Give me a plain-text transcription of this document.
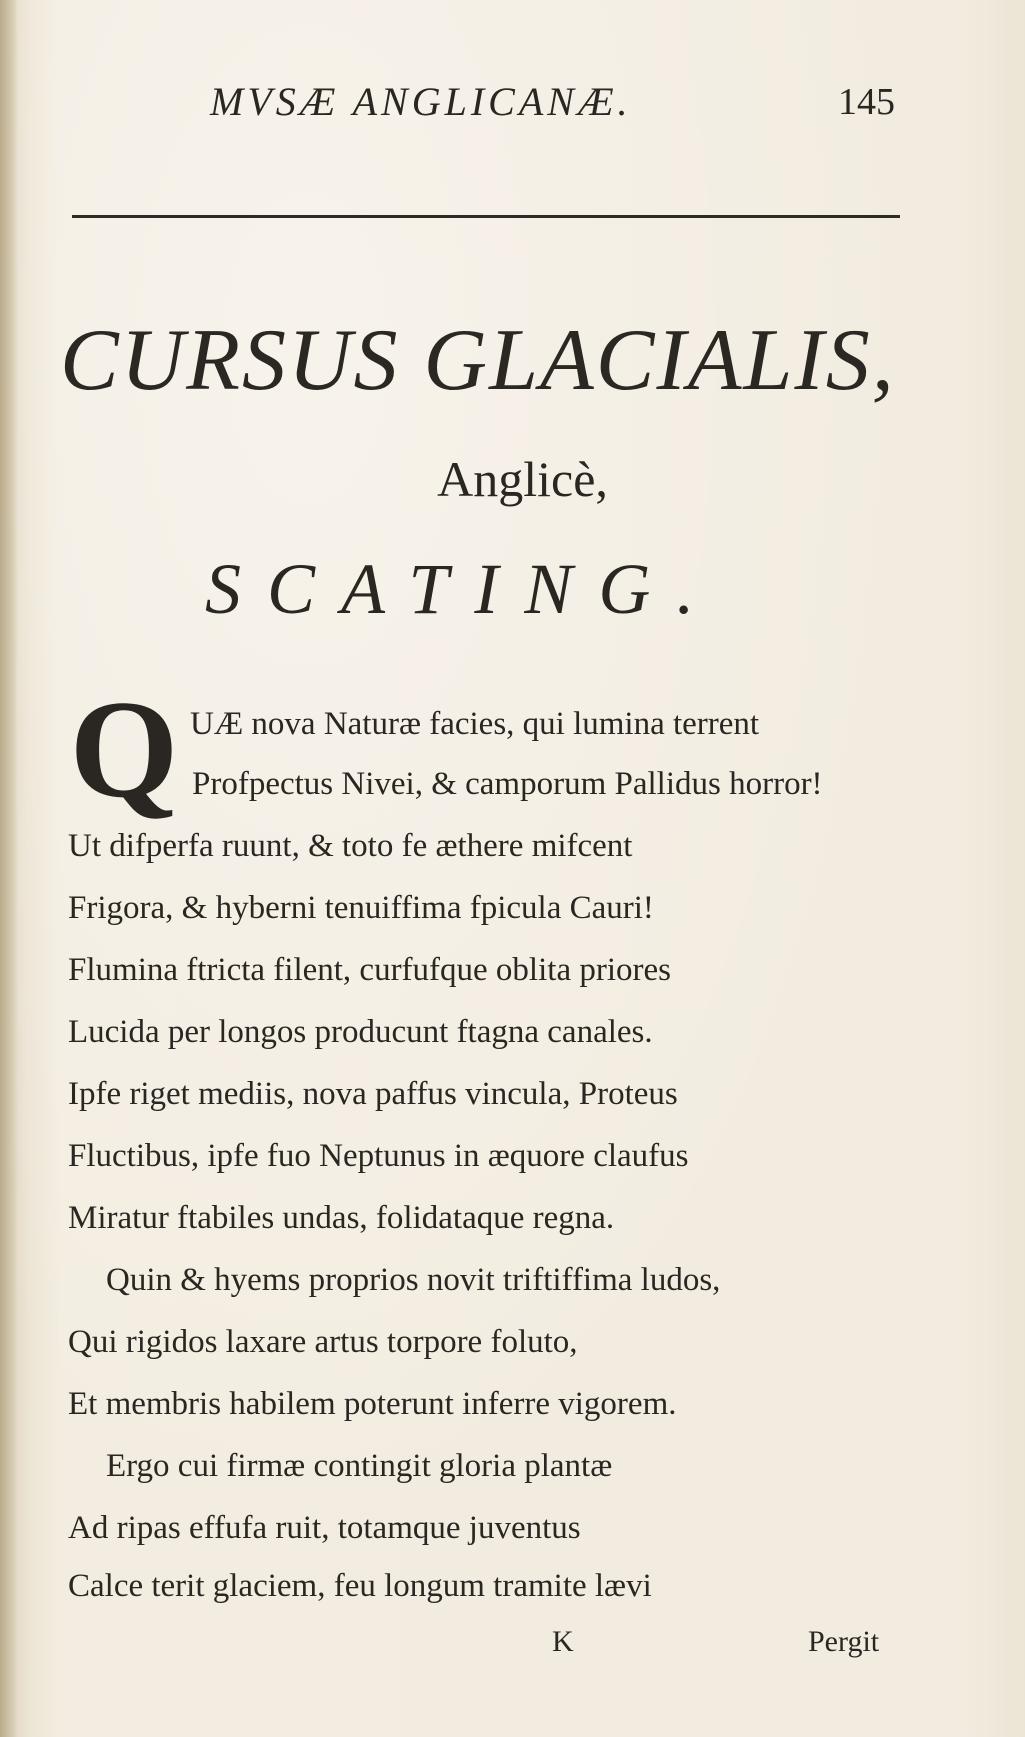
MVSÆ ANGLICANÆ.	145
CURSUS GLACIALIS,
Anglicè,
SCATING.
Q UÆ nova Naturæ facies, qui lumina terrent
Profpectus Nivei, & camporum Pallidus horror!
Ut difperfa ruunt, & toto fe æthere mifcent
Frigora, & hyberni tenuiffima fpicula Cauri!
Flumina ftricta filent, curfufque oblita priores
Lucida per longos producunt ftagna canales.
Ipfe riget mediis, nova paffus vincula, Proteus
Fluctibus, ipfe fuo Neptunus in æquore claufus
Miratur ftabiles undas, folidataque regna.
Quin & hyems proprios novit triftiffima ludos,
Qui rigidos laxare artus torpore foluto,
Et membris habilem poterunt inferre vigorem.
Ergo cui firmæ contingit gloria plantæ
Ad ripas effufa ruit, totamque juventus
Calce terit glaciem, feu longum tramite lævi
K	Pergit
